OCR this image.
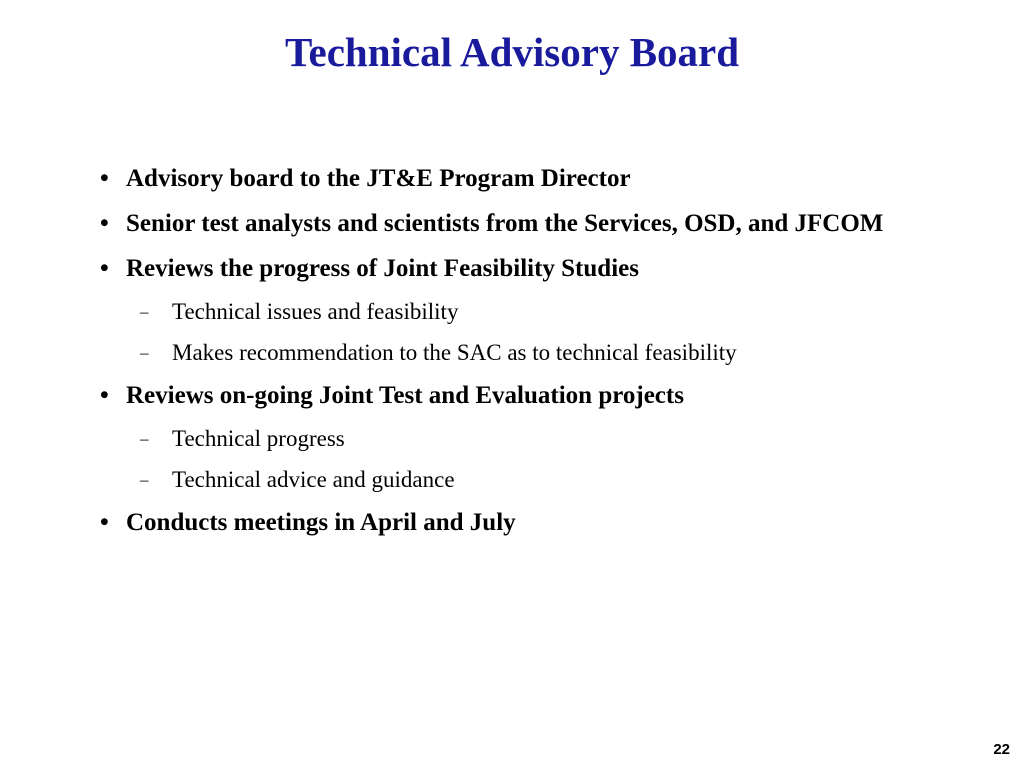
Technical Advisory Board
• Advisory board to the JT&E Program Director
• Senior test analysts and scientists from the Services, OSD, and JFCOM
• Reviews the progress of Joint Feasibility Studies
– Technical issues and feasibility
– Makes recommendation to the SAC as to technical feasibility
• Reviews on-going Joint Test and Evaluation projects
– Technical progress
– Technical advice and guidance
• Conducts meetings in April and July
22
